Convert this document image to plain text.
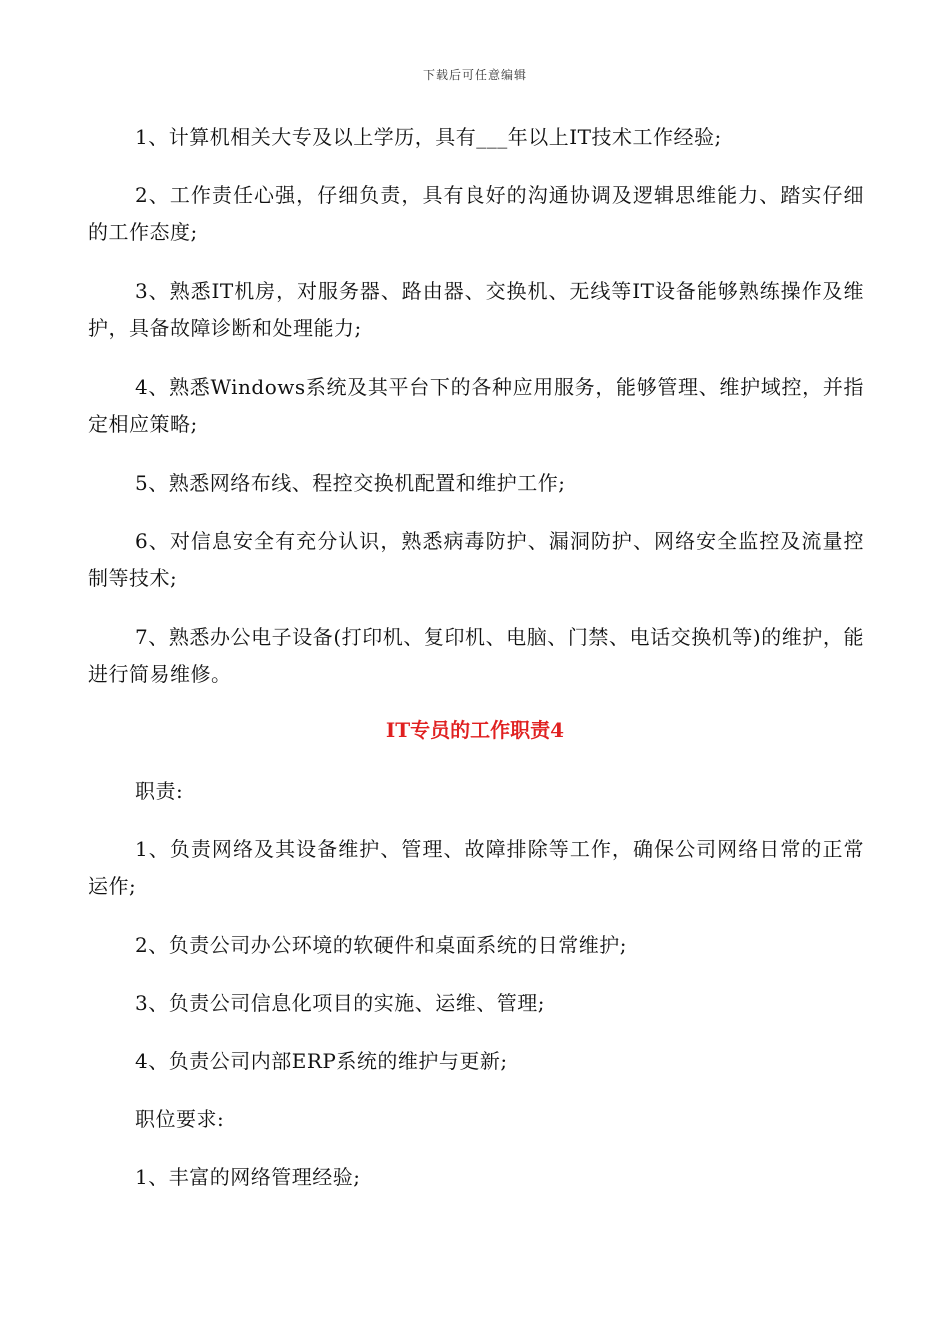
下载后可任意编辑

1、计算机相关大专及以上学历，具有___年以上IT技术工作经验;

2、工作责任心强，仔细负责，具有良好的沟通协调及逻辑思维能力、踏实仔细的工作态度;

3、熟悉IT机房，对服务器、路由器、交换机、无线等IT设备能够熟练操作及维护，具备故障诊断和处理能力;

4、熟悉Windows系统及其平台下的各种应用服务，能够管理、维护域控，并指定相应策略;

5、熟悉网络布线、程控交换机配置和维护工作;

6、对信息安全有充分认识，熟悉病毒防护、漏洞防护、网络安全监控及流量控制等技术;

7、熟悉办公电子设备(打印机、复印机、电脑、门禁、电话交换机等)的维护，能进行简易维修。

IT专员的工作职责4

职责:

1、负责网络及其设备维护、管理、故障排除等工作，确保公司网络日常的正常运作;

2、负责公司办公环境的软硬件和桌面系统的日常维护;

3、负责公司信息化项目的实施、运维、管理;

4、负责公司内部ERP系统的维护与更新;

职位要求:

1、丰富的网络管理经验;
